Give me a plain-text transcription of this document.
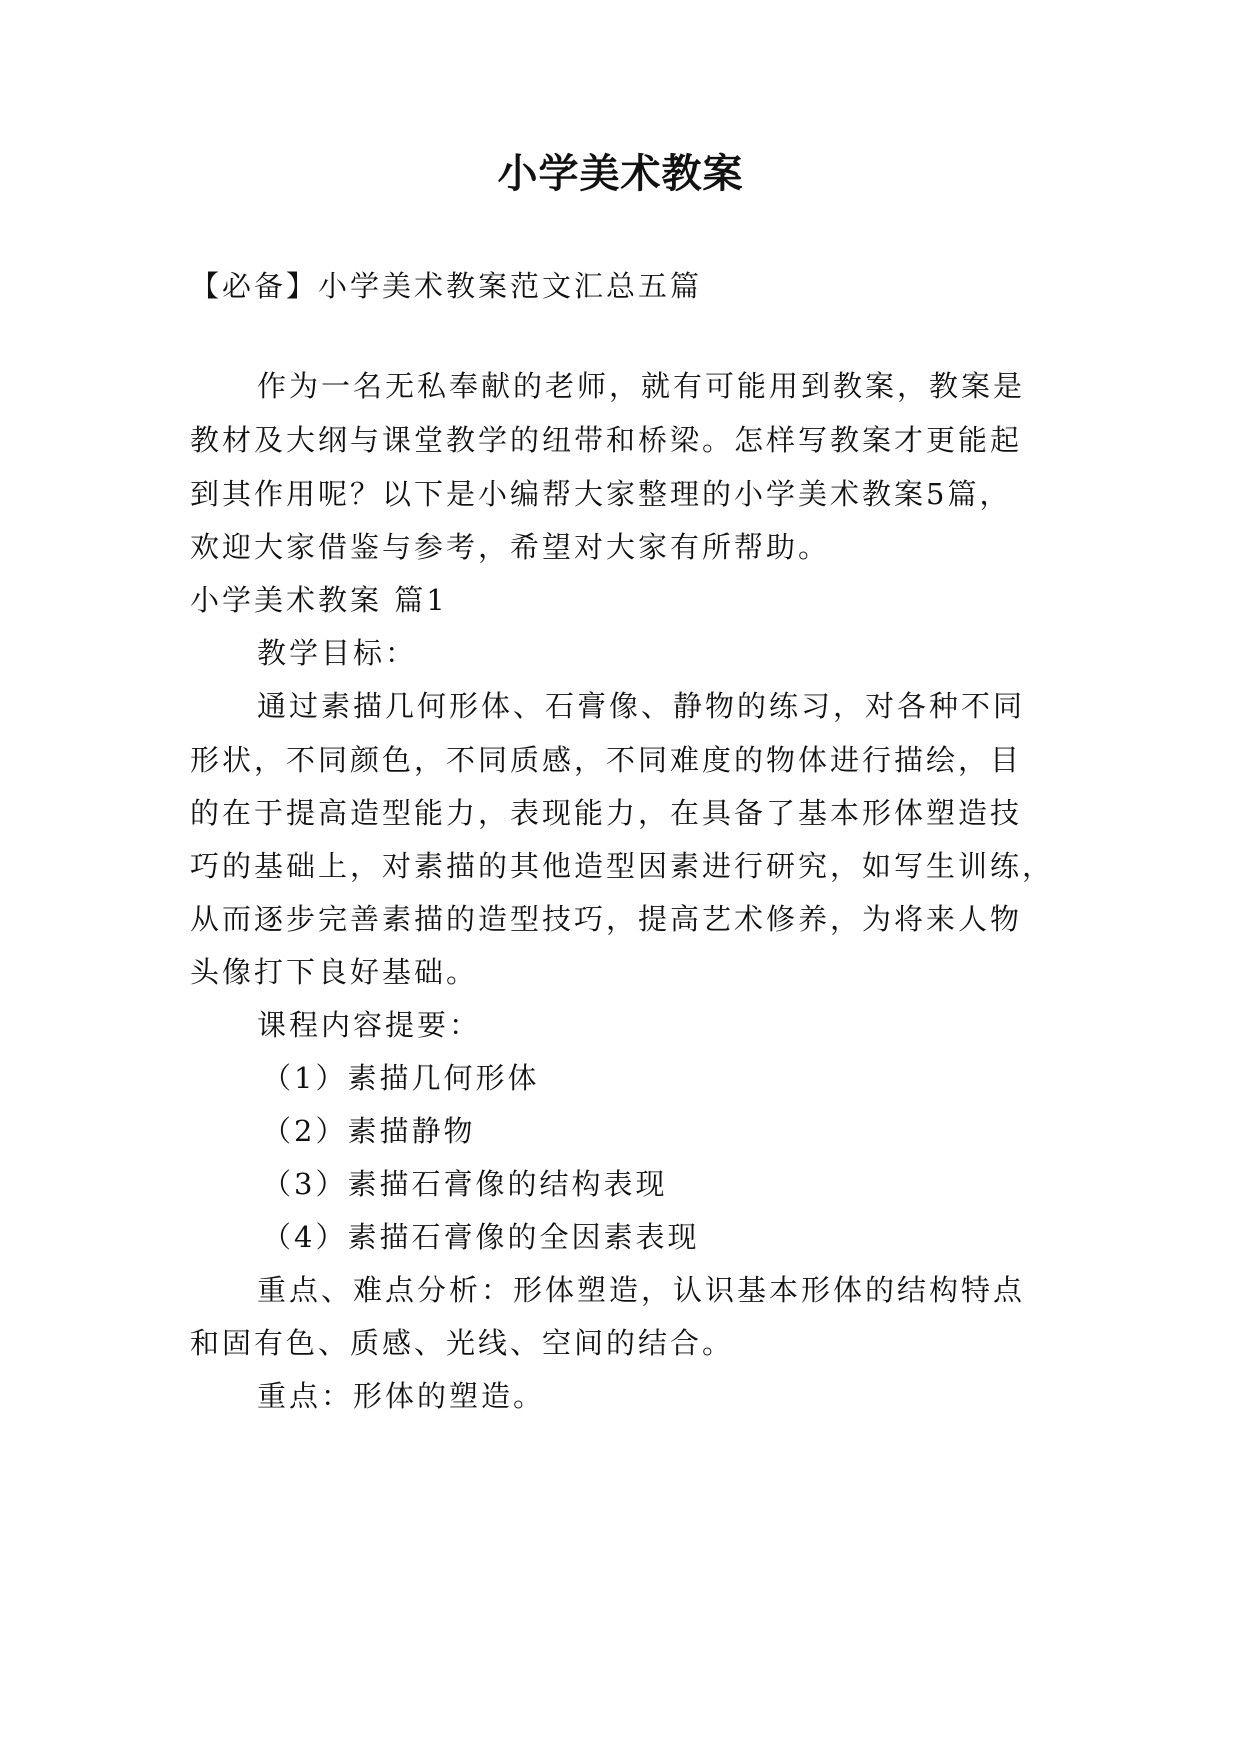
小学美术教案
【必备】小学美术教案范文汇总五篇
作为一名无私奉献的老师，就有可能用到教案，教案是
教材及大纲与课堂教学的纽带和桥梁。怎样写教案才更能起
到其作用呢？以下是小编帮大家整理的小学美术教案5篇，
欢迎大家借鉴与参考，希望对大家有所帮助。
小学美术教案 篇1
教学目标：
通过素描几何形体、石膏像、静物的练习，对各种不同
形状，不同颜色，不同质感，不同难度的物体进行描绘，目
的在于提高造型能力，表现能力，在具备了基本形体塑造技
巧的基础上，对素描的其他造型因素进行研究，如写生训练，
从而逐步完善素描的造型技巧，提高艺术修养，为将来人物
头像打下良好基础。
课程内容提要：
（1）素描几何形体
（2）素描静物
（3）素描石膏像的结构表现
（4）素描石膏像的全因素表现
重点、难点分析：形体塑造，认识基本形体的结构特点
和固有色、质感、光线、空间的结合。
重点：形体的塑造。
